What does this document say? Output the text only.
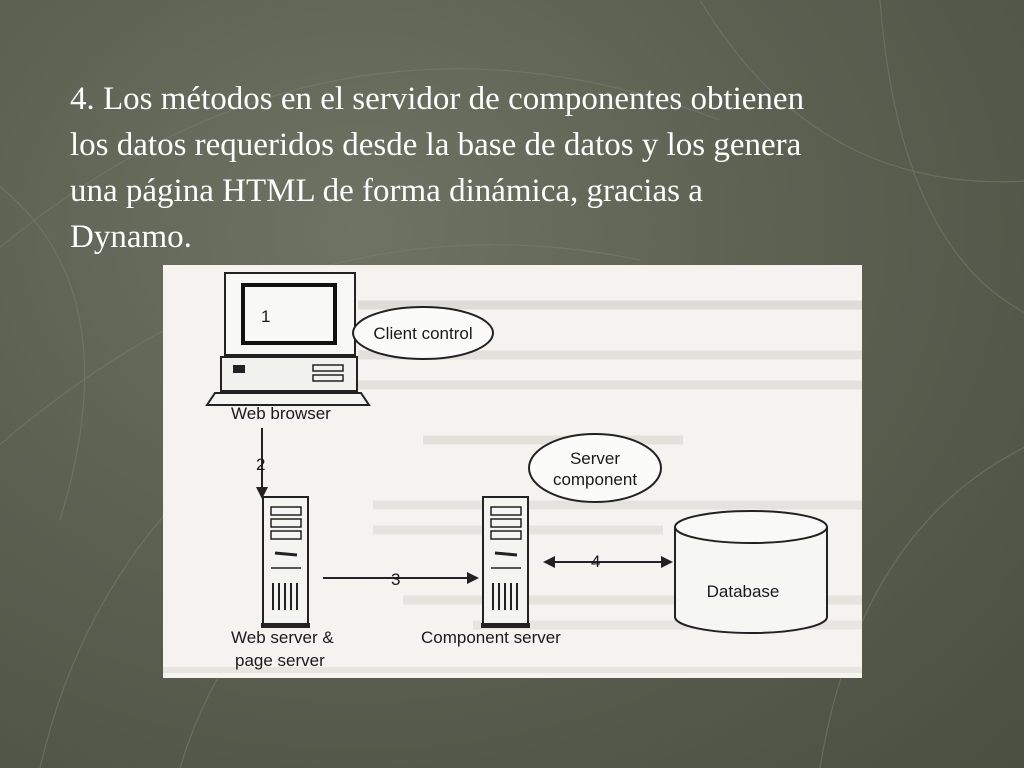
4. Los métodos en el servidor de componentes obtienen
los datos requeridos desde la base de datos y los genera
una página HTML de forma dinámica, gracias a
Dynamo.

1
Client control
Web browser
2	Server
component
3
4
Database
Web server &
page server
Component server
